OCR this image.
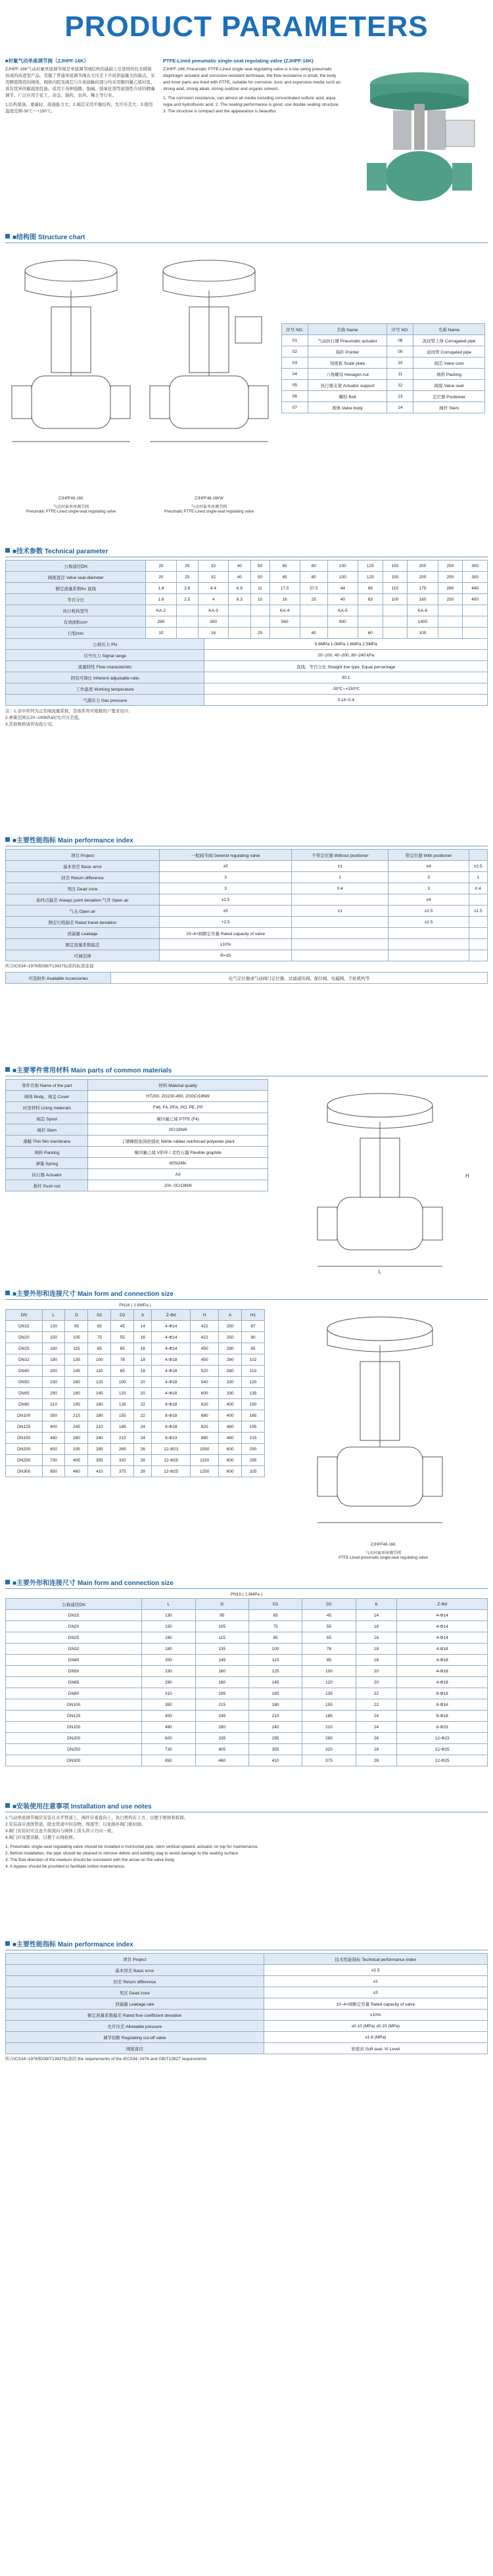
PRODUCT PARAMETERS
■衬氟气动单座调节阀（ZJHPF-16K）
ZJHPF-16K气动衬氟单座调节阀是单座调节阀结构的基础上引进国外技术研制而成的改进型产品，克服了普通单座调节阀在大压差下介质泄漏量大的缺点，采用精密铸造的阀体，阀体内腔及阀芯与介质接触的部分均采用聚四氟乙烯衬里，具有优异的耐腐蚀性能。适用于各种强酸、强碱、强氧化剂等腐蚀性介质的精确调节，广泛应用于化工、冶金、制药、农药、稀土等行业。
1.结构紧凑、重量轻、流通能力大；2.阀芯采用平衡结构，允许压差大；3.使用温度范围-30℃～+150℃。
PTFE-Lined pneumatic single-seat regulating valve (ZJHPF-16K)
ZJHPF-16K Pneumatic PTFE-Lined single seat regulating valve is a low swing pneumatic diaphragm actuator and corrosion-resistant technique, the flow resistance is small, the body and inner parts are lined with PTFE, suitable for corrosive, toxic and expensive media such as strong acid, strong alkali, strong oxidizer and organic solvent.
1. The corrosion resistance, can almost all media including concentrated sulfuric acid, aqua regia and hydrofluoric acid. 2. The sealing performance is good, use double sealing structure. 3. The structure is compact and the appearance is beautiful.
■结构图 Structure chart
ZJHPF46-16K
气动衬氟单座调节阀
Pneumatic PTFE-Lined single-seat regulating valve
ZJHPF46-16KW
气动衬氟单座调节阀
Pneumatic PTFE-Lined single-seat regulating valve
序号 NO.	名称 Name	序号 NO.	名称 Name
01	气动执行器 Pneumatic actuator	08	波纹管上体 Corrugated pipe
02	指针 Pointer	09	波纹管 Corrugated pipe
03	刻度板 Scale plate	10	阀芯 Valve core
04	六角螺母 Hexagon nut	11	填料 Packing
05	执行器支架 Actuator support	12	阀座 Valve seat
06	螺栓 Bolt	13	定位器 Positioner
07	阀体 Valve body	14	阀杆 Stem
■技术参数 Technical parameter
公称通径DN	20	25	32	40	50	65	80	100	125	150	200	250	300
阀座直径 Valve seat diameter	20	25	32	40	50	65	80	100	125	150	200	250	300
额定流量系数Kv 直线	1.8	2.8	4.4	6.9	11	17.5	27.5	44	69	110	175	280	440
等百分比	1.6	2.5	4	6.3	10	16	25	40	63	100	160	250	400
执行机构型号	KA-2		KA-3			KA-4		KA-5			KA-6		
有效面积cm²	280		350			560		900			1400		
行程mm	10		16		25		40		60		100		
公称压力 PN	0.6MPa 1.0MPa 1.6MPa 2.5MPa
信号压力 Signal range	20~100, 40~200, 80~240 kPa
流量特性 Flow characteristic	直线、等百分比 Straight line type, Equal percentage
固有可调比 Inherent adjustable ratio	30:1
工作温度 Working temperature	-30℃~+150℃
气源压力 Gas pressure	0.14~0.4
注：1.表中所列为正常阀流量系数，其他系列可根据用户要求设计；
2.弹簧范围在20~100KPa时允许压差值。
3.其他规格请咨询我公司。
■主要性能指标 Main performance index
项目 Project	一般阀节阀 General regulating valve	不带定位器 Without positioner	带定位器 With positioner	
基本误差 Basic error	±5	±1	±4	±2.5
回差 Return difference	3	1	3	1
死区 Dead zone	3	0.4	3	0.4
始终点偏差 Always point deviation 气开 Open air	±2.5		±4	
气关 Open air	±5	±1	±2.5	±1.5
额定行程偏差 Rated travel deviation	+2.5		±2.5	
泄漏量 Leakage	10~4×阀额定容量 Rated capacity of valve			
额定流量系数偏差	±10%			
可调范围	R=30			
所合ICS34~1976和GB/T13927标准的标准连接
可选附件 Available Accessories	电气定位器或气动阀门定位器、过滤减压阀、保位阀、电磁阀、手轮机构等
■主要零件常用材料 Main parts of common materials
零件名称 Name of the part	材料 Material quality
阀体 Body、阀盖 Cover	HT200, ZG230-450, ZG0Cr18Ni9
衬里材料 Lining materials	F46, F4, PFA, PO, PE, PP
阀芯 Spool	聚四氟乙烯 PTFE (F4)
阀杆 Stem	0Cr18Ni9
薄膜 Thin film membrane	丁腈橡胶加涤纶强化 Nitrile rubber reinforced polyester plant
填料 Packing	聚四氟乙烯 V形环 / 柔性石墨 Flexible graphite
弹簧 Spring	60Si2Mn
执行器 Actuator	A3
推杆 Push rod	20#, 0Cr18Ni9
L
H
■主要外形和连接尺寸 Main form and connection size
PN16 ( 1.6MPa )
DN	L	D	D1	D2	b	Z-Φd	H	A	H1
DN15	130	95	65	45	14	4-Φ14	422	250	87
DN20	150	105	75	55	16	4-Φ14	422	250	90
DN25	160	115	85	65	16	4-Φ14	450	280	95
DN32	180	135	100	78	18	4-Φ18	450	280	102
DN40	200	145	110	85	18	4-Φ18	520	280	110
DN50	230	160	125	100	20	4-Φ18	540	330	120
DN65	290	180	145	120	20	4-Φ18	600	330	135
DN80	310	195	160	135	22	8-Φ18	620	400	150
DN100	350	215	180	155	22	8-Φ18	680	400	165
DN125	400	245	210	185	24	8-Φ18	820	480	195
DN150	480	280	240	210	24	8-Φ23	880	480	215
DN200	600	335	295	265	26	12-Φ23	1050	600	250
DN250	730	405	355	320	28	12-Φ25	1150	600	295
DN300	850	460	410	375	28	12-Φ25	1250	600	325
ZJHPF46-16K
气动衬氟单座调节阀
PTFE-Lined pneumatic single-seat regulating valve
■主要外形和连接尺寸 Main form and connection size
PN16 ( 1.6MPa )
公称通径DN	L	D	D1	D2	b	Z-Φd
DN15	130	95	65	45	14	4-Φ14
DN20	150	105	75	55	16	4-Φ14
DN25	160	115	85	65	16	4-Φ14
DN32	180	135	100	78	18	4-Φ18
DN40	200	145	110	85	18	4-Φ18
DN50	230	160	125	100	20	4-Φ18
DN65	290	180	145	120	20	4-Φ18
DN80	310	195	160	135	22	8-Φ18
DN100	350	215	180	155	22	8-Φ18
DN125	400	245	210	185	24	8-Φ18
DN150	480	280	240	210	24	8-Φ23
DN200	600	335	295	265	26	12-Φ23
DN250	730	405	355	320	28	12-Φ25
DN300	850	460	410	375	28	12-Φ25
■安装使用注意事项 Installation and use notes
1.气动单座调节阀应安装在水平管道上，阀杆应垂直向上，执行机构在上方，以便于维修和拆卸。
2.安装前应清洗管道，除去管道中的杂物、焊渣等，以免损坏阀门密封面。
3.阀门安装时应注意介质流向与阀体上箭头所示方向一致。
4.阀门应设置旁路，以便于在线检修。
1. Pneumatic single-seat regulating valve should be installed in horizontal pipe, stem vertical upward, actuator on top for maintenance.
2. Before installation, the pipe should be cleaned to remove debris and welding slag to avoid damage to the sealing surface.
3. The flow direction of the medium should be consistent with the arrow on the valve body.
4. A bypass should be provided to facilitate online maintenance.
■主要性能指标 Main performance index
项目 Project	技术性能指标 Technical performance index
基本误差 Basic error	≤1.5
回差 Return difference	≤1
死区 Dead zone	≤3
泄漏量 Leakage rate	10~4×阀额定容量 Rated capacity of valve
额定流量系数偏差 Rated flow coefficient deviation	±10%
允许压差 Allowable pressure	≤0.10 (MPa) ≤0.15 (MPa)
调节切断 Regulating cut-off valve	≤1.6 (MPa)
阀座直径	软密封 Soft seal: VI Level
所合ICS34~1976和GB/T13927标准的 the requirements of the IEC534~1976 and GB/T13927 requirements
